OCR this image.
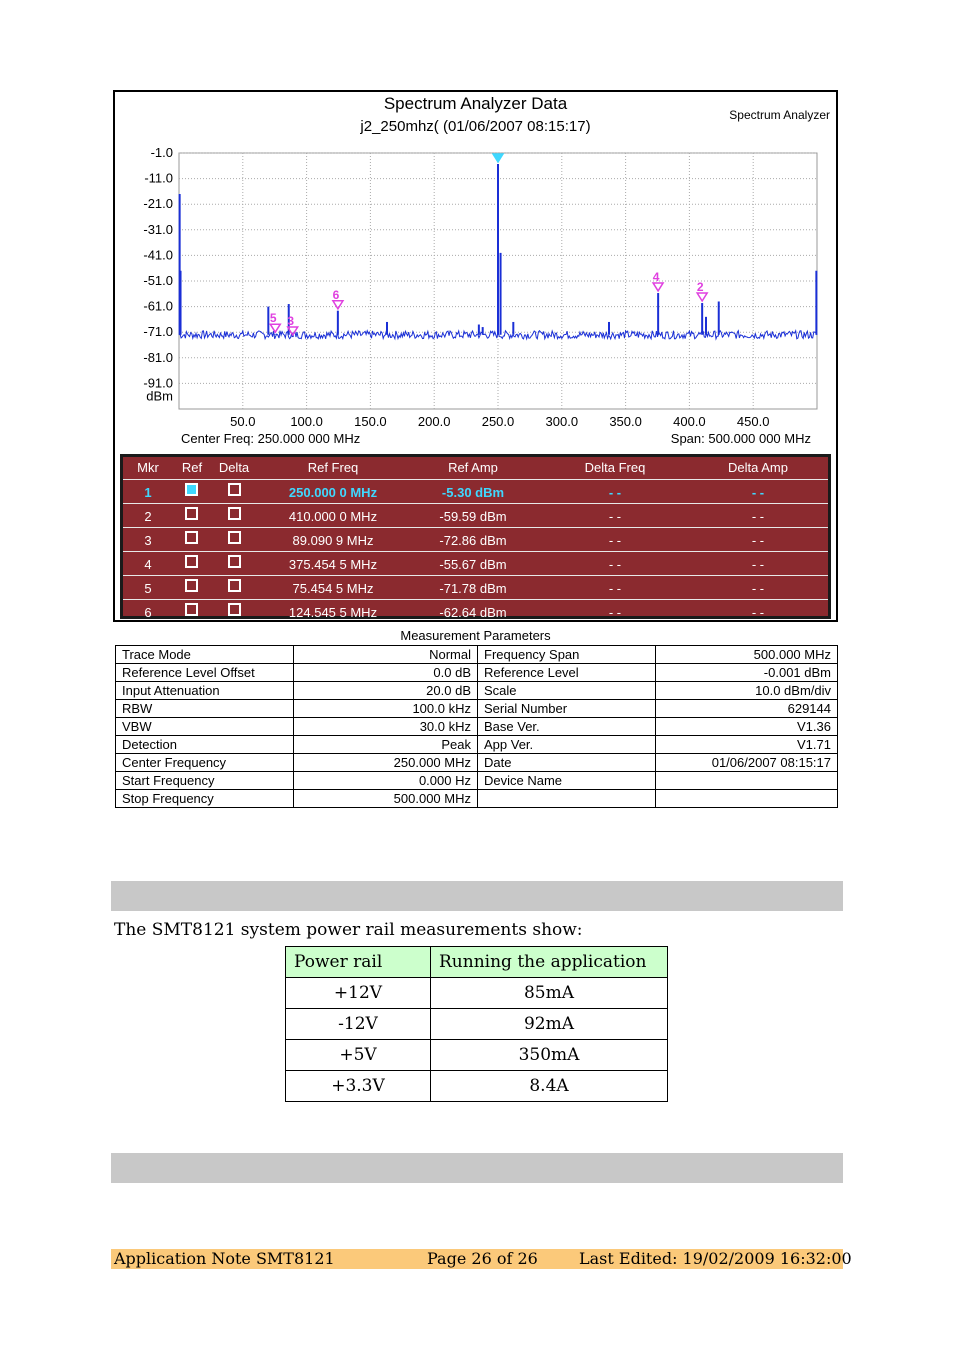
-1.0
-11.0
-21.0
-31.0
-41.0
-51.0
-61.0
-71.0
-81.0
-91.0
dBm
50.0	100.0 150.0 200.0 250.0 300.0 350.0 400.0 450.0
Center Freq: 250.000 000 MHz	Span: 500.000 000 MHz
2
3
4
5
6
Spectrum Analyzer Data
j2_250mhz( (01/06/2007 08:15:17)
Spectrum Analyzer
Mkr	Ref	Delta	Ref Freq	Ref Amp	Delta Freq	Delta Amp
1	250.000 0 MHz	-5.30 dBm	- -	- -
2	410.000 0 MHz	-59.59 dBm	- -	- -
3	89.090 9 MHz	-72.86 dBm	- -	- -
4	375.454 5 MHz	-55.67 dBm	- -	- -
5	75.454 5 MHz	-71.78 dBm	- -	- -
6	124.545 5 MHz	-62.64 dBm	- -	- -
Measurement Parameters
Trace Mode	Normal	Frequency Span	500.000 MHz
Reference Level Offset	0.0 dB	Reference Level	-0.001 dBm
Input Attenuation	20.0 dB	Scale	10.0 dBm/div
RBW	100.0 kHz	Serial Number	629144
VBW	30.0 kHz	Base Ver.	V1.36
Detection	Peak	App Ver.	V1.71
Center Frequency	250.000 MHz	Date	01/06/2007 08:15:17
Start Frequency	0.000 Hz	Device Name	
Stop Frequency	500.000 MHz		
The SMT8121 system power rail measurements show:
Power rail	Running the application
+12V	85mA
-12V	92mA
+5V	350mA
+3.3V	8.4A
Application Note SMT8121	Page 26 of 26	Last Edited: 19/02/2009 16:32:00
